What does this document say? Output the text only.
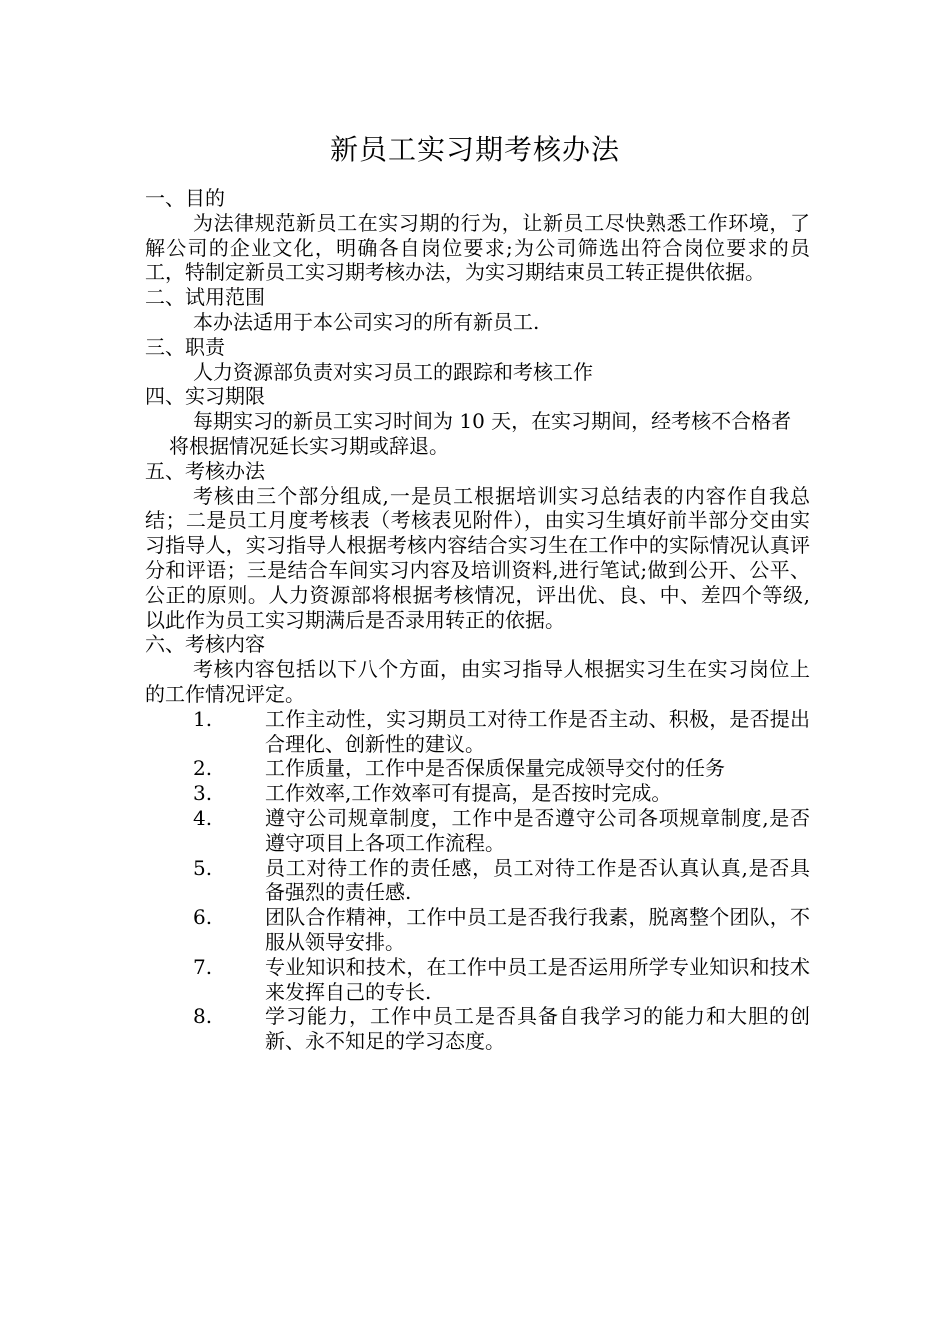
新员工实习期考核办法

一、目的

为法律规范新员工在实习期的行为，让新员工尽快熟悉工作环境，了解公司的企业文化，明确各自岗位要求;为公司筛选出符合岗位要求的员工，特制定新员工实习期考核办法，为实习期结束员工转正提供依据。

二、试用范围

本办法适用于本公司实习的所有新员工.

三、职责

人力资源部负责对实习员工的跟踪和考核工作

四、实习期限

每期实习的新员工实习时间为 10 天，在实习期间，经考核不合格者将根据情况延长实习期或辞退。

五、考核办法

考核由三个部分组成,一是员工根据培训实习总结表的内容作自我总结；二是员工月度考核表（考核表见附件），由实习生填好前半部分交由实习指导人，实习指导人根据考核内容结合实习生在工作中的实际情况认真评分和评语；三是结合车间实习内容及培训资料,进行笔试;做到公开、公平、公正的原则。人力资源部将根据考核情况，评出优、良、中、差四个等级,以此作为员工实习期满后是否录用转正的依据。

六、考核内容

考核内容包括以下八个方面，由实习指导人根据实习生在实习岗位上的工作情况评定。

1.	工作主动性，实习期员工对待工作是否主动、积极，是否提出合理化、创新性的建议。
2.	工作质量，工作中是否保质保量完成领导交付的任务
3.	工作效率,工作效率可有提高，是否按时完成。
4.	遵守公司规章制度，工作中是否遵守公司各项规章制度,是否遵守项目上各项工作流程。
5.	员工对待工作的责任感，员工对待工作是否认真认真,是否具备强烈的责任感.
6.	团队合作精神，工作中员工是否我行我素，脱离整个团队，不服从领导安排。
7.	专业知识和技术，在工作中员工是否运用所学专业知识和技术来发挥自己的专长.
8.	学习能力，工作中员工是否具备自我学习的能力和大胆的创新、永不知足的学习态度。
